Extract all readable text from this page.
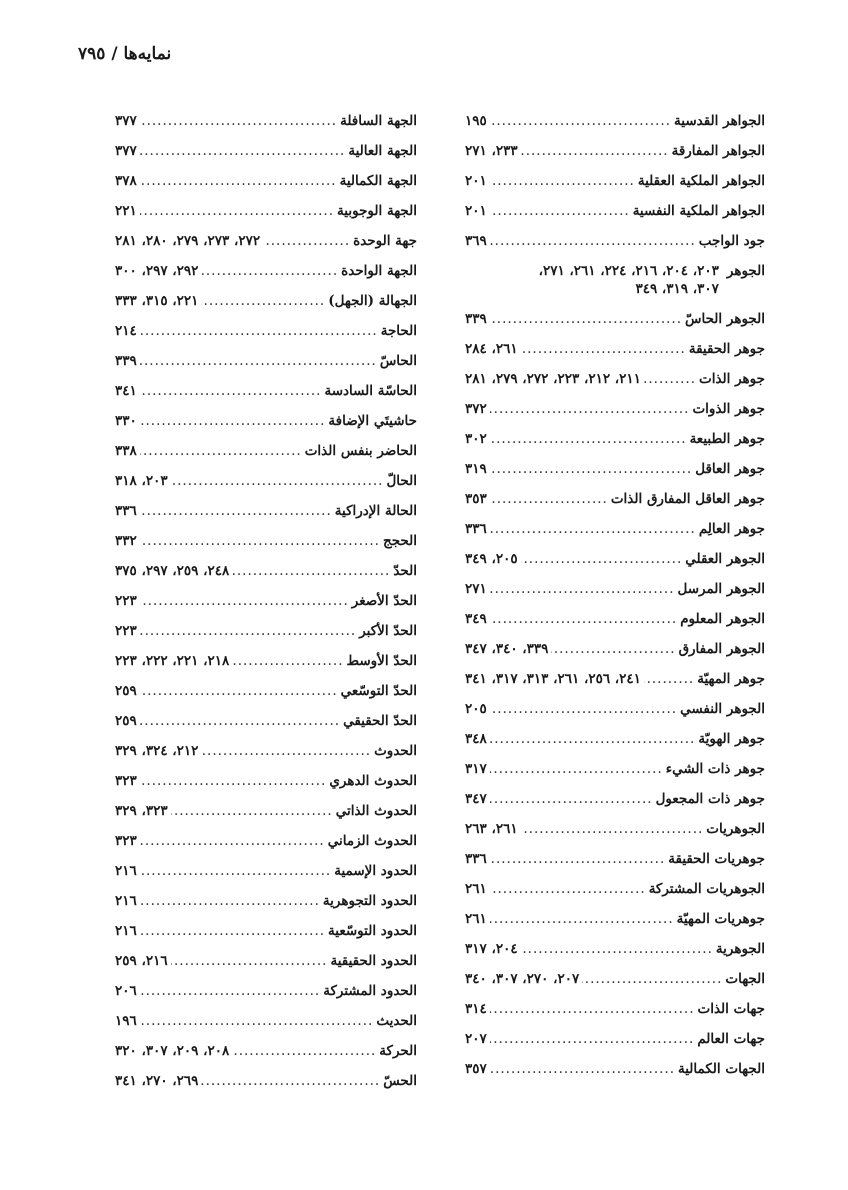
نمايه‌ها / ٧٩٥
الجواهر القدسية
.....
١٩٥
الجواهر المفارقة
.....
٢٣٣، ٢٧١
الجواهر الملكية العقلية
.....
٢٠١
الجواهر الملكية النفسية
.....
٢٠١
جود الواجب
.....
٣٦٩
الجوهر
٢٠٣، ٢٠٤، ٢١٦، ٢٢٤، ٢٦١، ٢٧١، ٣٠٧، ٣١٩، ٣٤٩
الجوهر الحاسّ
.....
٣٣٩
جوهر الحقيقة
.....
٢٦١، ٢٨٤
جوهر الذات
.....
٢١١، ٢١٢، ٢٢٣، ٢٧٢، ٢٧٩، ٢٨١
جوهر الذوات
.....
٣٧٢
جوهر الطبيعة
.....
٣٠٢
جوهر العاقل
.....
٣١٩
جوهر العاقل المفارق الذات
.....
٣٥٣
جوهر العالِم
.....
٣٣٦
الجوهر العقلي
.....
٢٠٥، ٣٤٩
الجوهر المرسل
.....
٢٧١
الجوهر المعلوم
.....
٣٤٩
الجوهر المفارق
.....
٣٣٩، ٣٤٠، ٣٤٧
جوهر المهيّة
.....
٢٤١، ٢٥٦، ٢٦١، ٣١٣، ٣١٧، ٣٤١
الجوهر النفسي
.....
٢٠٥
جوهر الهويّة
.....
٣٤٨
جوهر ذات الشيء
.....
٣١٧
جوهر ذات المجعول
.....
٣٤٧
الجوهريات
.....
٢٦١، ٢٦٣
جوهريات الحقيقة
.....
٣٣٦
الجوهريات المشتركة
.....
٢٦١
جوهريات المهيّة
.....
٢٦١
الجوهرية
.....
٢٠٤، ٣١٧
الجهات
.....
٢٠٧، ٢٧٠، ٣٠٧، ٣٤٠
جهات الذات
.....
٣١٤
جهات العالم
.....
٢٠٧
الجهات الكمالية
.....
٣٥٧
الجهة السافلة
.....
٣٧٧
الجهة العالية
.....
٣٧٧
الجهة الكمالية
.....
٣٧٨
الجهة الوجوبية
.....
٢٢١
جهة الوحدة
.....
٢٧٢، ٢٧٣، ٢٧٩، ٢٨٠، ٢٨١
الجهة الواحدة
.....
٢٩٢، ٢٩٧، ٣٠٠
الجهالة (الجهل)
.....
٢٢١، ٣١٥، ٣٣٣
الحاجة
.....
٢١٤
الحاسّ
.....
٣٣٩
الحاسّة السادسة
.....
٣٤١
حاشيتَي الإضافة
.....
٣٣٠
الحاضر بنفس الذات
.....
٣٣٨
الحالّ
.....
٢٠٣، ٣١٨
الحالة الإدراكية
.....
٣٣٦
الحجج
.....
٣٣٢
الحدّ
.....
٢٤٨، ٢٥٩، ٢٩٧، ٣٧٥
الحدّ الأصغر
.....
٢٢٣
الحدّ الأكبر
.....
٢٢٣
الحدّ الأوسط
.....
٢١٨، ٢٢١، ٢٢٢، ٢٢٣
الحدّ التوسّعي
.....
٢٥٩
الحدّ الحقيقي
.....
٢٥٩
الحدوث
.....
٢١٢، ٣٢٤، ٣٢٩
الحدوث الدهري
.....
٣٢٣
الحدوث الذاتي
.....
٣٢٣، ٣٢٩
الحدوث الزماني
.....
٣٢٣
الحدود الإسمية
.....
٢١٦
الحدود التجوهرية
.....
٢١٦
الحدود التوسّعية
.....
٢١٦
الحدود الحقيقية
.....
٢١٦، ٢٥٩
الحدود المشتركة
.....
٢٠٦
الحديث
.....
١٩٦
الحركة
.....
٢٠٨، ٢٠٩، ٣٠٧، ٣٢٠
الحسّ
.....
٢٦٩، ٢٧٠، ٣٤١
